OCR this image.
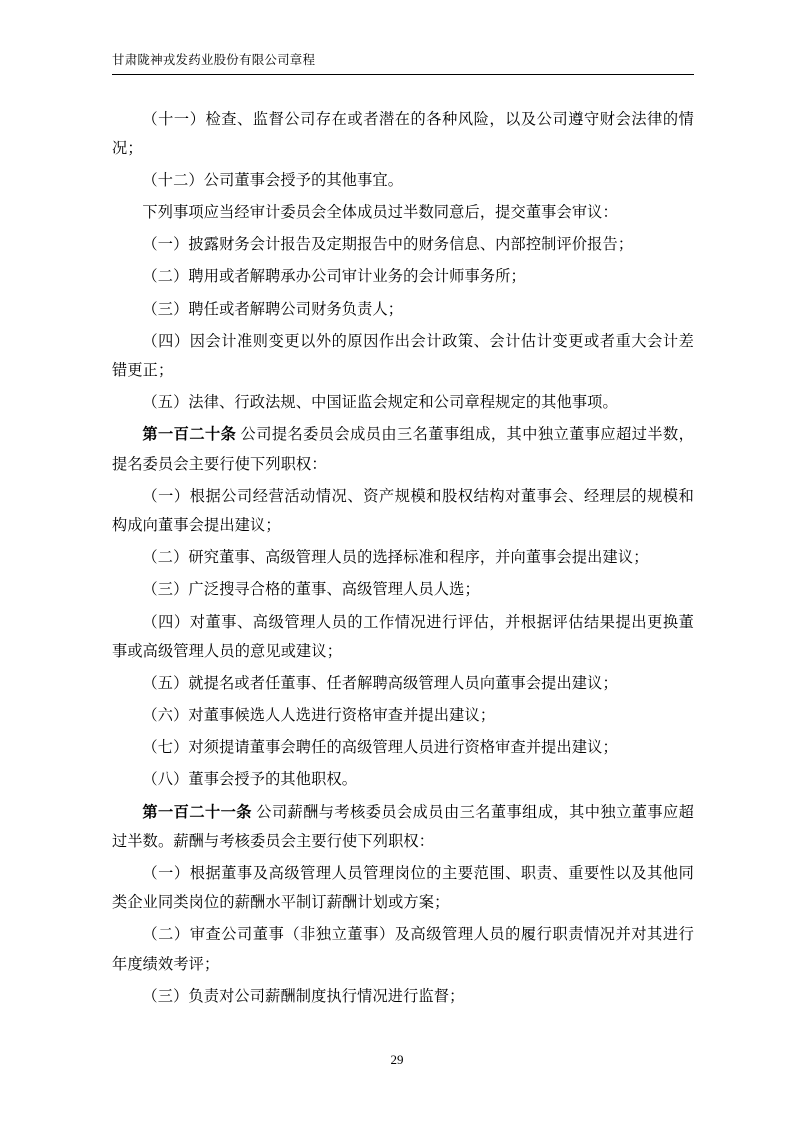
甘肃陇神戎发药业股份有限公司章程

（十一）检查、监督公司存在或者潜在的各种风险，以及公司遵守财会法律的情况；

（十二）公司董事会授予的其他事宜。

下列事项应当经审计委员会全体成员过半数同意后，提交董事会审议：

（一）披露财务会计报告及定期报告中的财务信息、内部控制评价报告；

（二）聘用或者解聘承办公司审计业务的会计师事务所；

（三）聘任或者解聘公司财务负责人；

（四）因会计准则变更以外的原因作出会计政策、会计估计变更或者重大会计差错更正；

（五）法律、行政法规、中国证监会规定和公司章程规定的其他事项。

第一百二十条 公司提名委员会成员由三名董事组成，其中独立董事应超过半数，提名委员会主要行使下列职权：

（一）根据公司经营活动情况、资产规模和股权结构对董事会、经理层的规模和构成向董事会提出建议；

（二）研究董事、高级管理人员的选择标准和程序，并向董事会提出建议；

（三）广泛搜寻合格的董事、高级管理人员人选；

（四）对董事、高级管理人员的工作情况进行评估，并根据评估结果提出更换董事或高级管理人员的意见或建议；

（五）就提名或者任董事、任者解聘高级管理人员向董事会提出建议；

（六）对董事候选人人选进行资格审查并提出建议；

（七）对须提请董事会聘任的高级管理人员进行资格审查并提出建议；

（八）董事会授予的其他职权。

第一百二十一条 公司薪酬与考核委员会成员由三名董事组成，其中独立董事应超过半数。薪酬与考核委员会主要行使下列职权：

（一）根据董事及高级管理人员管理岗位的主要范围、职责、重要性以及其他同类企业同类岗位的薪酬水平制订薪酬计划或方案；

（二）审查公司董事（非独立董事）及高级管理人员的履行职责情况并对其进行年度绩效考评；

（三）负责对公司薪酬制度执行情况进行监督；

29
